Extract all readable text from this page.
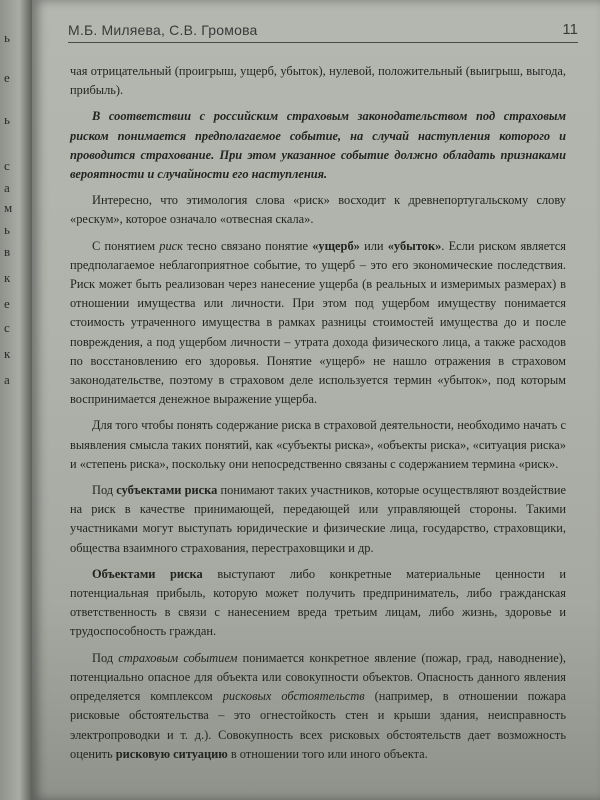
ь
е
ь
с
а
м
ь
в
к
е
с
к
а
М.Б. Миляева, С.В. Громова	11

чая отрицательный (проигрыш, ущерб, убыток), нулевой, положительный (выигрыш, выгода, прибыль).

В соответствии с российским страховым законодательством под страховым риском понимается предполагаемое событие, на случай наступления которого и проводится страхование. При этом указанное событие должно обладать признаками вероятности и случайности его наступления.

Интересно, что этимология слова «риск» восходит к древнепортугальскому слову «рескум», которое означало «отвесная скала».

С понятием риск тесно связано понятие «ущерб» или «убыток». Если риском является предполагаемое неблагоприятное событие, то ущерб – это его экономические последствия. Риск может быть реализован через нанесение ущерба (в реальных и измеримых размерах) в отношении имущества или личности. При этом под ущербом имуществу понимается стоимость утраченного имущества в рамках разницы стоимостей имущества до и после повреждения, а под ущербом личности – утрата дохода физического лица, а также расходов по восстановлению его здоровья. Понятие «ущерб» не нашло отражения в страховом законодательстве, поэтому в страховом деле используется термин «убыток», под которым воспринимается денежное выражение ущерба.

Для того чтобы понять содержание риска в страховой деятельности, необходимо начать с выявления смысла таких понятий, как «субъекты риска», «объекты риска», «ситуация риска» и «степень риска», поскольку они непосредственно связаны с содержанием термина «риск».

Под субъектами риска понимают таких участников, которые осуществляют воздействие на риск в качестве принимающей, передающей или управляющей стороны. Такими участниками могут выступать юридические и физические лица, государство, страховщики, общества взаимного страхования, перестраховщики и др.

Объектами риска выступают либо конкретные материальные ценности и потенциальная прибыль, которую может получить предприниматель, либо гражданская ответственность в связи с нанесением вреда третьим лицам, либо жизнь, здоровье и трудоспособность граждан.

Под страховым событием понимается конкретное явление (пожар, град, наводнение), потенциально опасное для объекта или совокупности объектов. Опасность данного явления определяется комплексом рисковых обстоятельств (например, в отношении пожара рисковые обстоятельства – это огнестойкость стен и крыши здания, неисправность электропроводки и т. д.). Совокупность всех рисковых обстоятельств дает возможность оценить рисковую ситуацию в отношении того или иного объекта.
